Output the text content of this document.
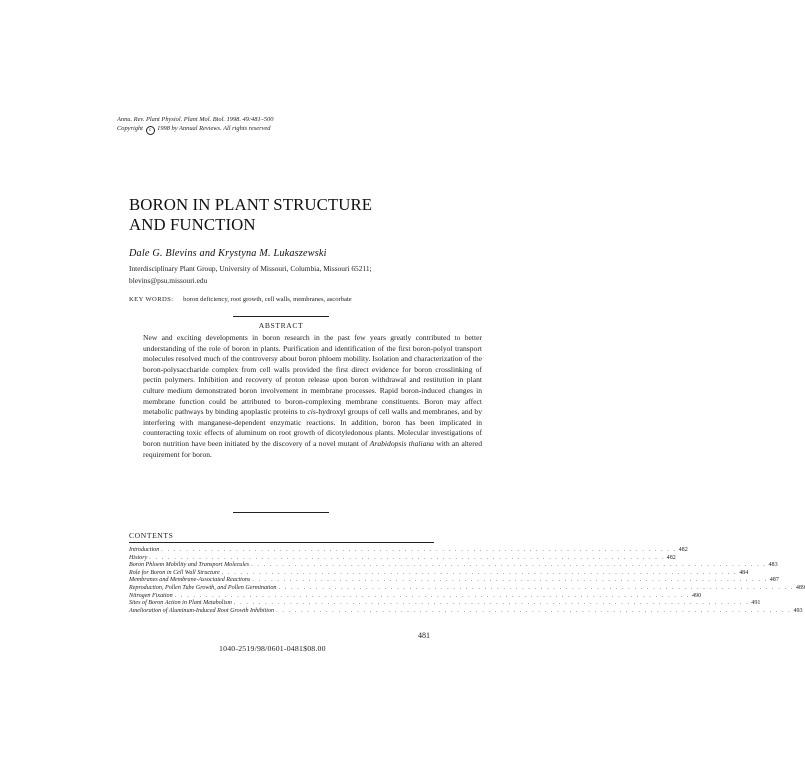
Annu. Rev. Plant Physiol. Plant Mol. Biol. 1998. 49:481–500
Copyright c 1998 by Annual Reviews. All rights reserved
BORON IN PLANT STRUCTURE
AND FUNCTION
Dale G. Blevins and Krystyna M. Lukaszewski
Interdisciplinary Plant Group, University of Missouri, Columbia, Missouri 65211;
blevins@psu.missouri.edu
KEY WORDS: boron deficiency, root growth, cell walls, membranes, ascorbate
ABSTRACT
New and exciting developments in boron research in the past few years greatly contributed to better understanding of the role of boron in plants. Purification and identification of the first boron-polyol transport molecules resolved much of the controversy about boron phloem mobility. Isolation and characterization of the boron-polysaccharide complex from cell walls provided the first direct evidence for boron crosslinking of pectin polymers. Inhibition and recovery of proton release upon boron withdrawal and restitution in plant culture medium demonstrated boron involvement in membrane processes. Rapid boron-induced changes in membrane function could be attributed to boron-complexing membrane constituents. Boron may affect metabolic pathways by binding apoplastic proteins to cis-hydroxyl groups of cell walls and membranes, and by interfering with manganese-dependent enzymatic reactions. In addition, boron has been implicated in counteracting toxic effects of aluminum on root growth of dicotyledonous plants. Molecular investigations of boron nutrition have been initiated by the discovery of a novel mutant of Arabidopsis thaliana with an altered requirement for boron.
CONTENTS
Introduction . . . . . . . . . . . . . . . . . . . . . . . . . . . . . . . . . . . . . . . . . . . . . . . . . . . . . . . . . . . . . . . . . . . . . . . . . . . . . . . . . . . 482
History . . . . . . . . . . . . . . . . . . . . . . . . . . . . . . . . . . . . . . . . . . . . . . . . . . . . . . . . . . . . . . . . . . . . . . . . . . . . . . . . . . . 482
Boron Phloem Mobility and Transport Molecules . . . . . . . . . . . . . . . . . . . . . . . . . . . . . . . . . . . . . . . . . . . . . . . . . . . . . . . . . . . . . . . . . . . . . . . . . . . . . . . . . . . 483
Role for Boron in Cell Wall Structure . . . . . . . . . . . . . . . . . . . . . . . . . . . . . . . . . . . . . . . . . . . . . . . . . . . . . . . . . . . . . . . . . . . . . . . . . . . . . . . . . . . 484
Membranes and Membrane-Associated Reactions . . . . . . . . . . . . . . . . . . . . . . . . . . . . . . . . . . . . . . . . . . . . . . . . . . . . . . . . . . . . . . . . . . . . . . . . . . . . . . . . . . . 487
Reproduction, Pollen Tube Growth, and Pollen Germination . . . . . . . . . . . . . . . . . . . . . . . . . . . . . . . . . . . . . . . . . . . . . . . . . . . . . . . . . . . . . . . . . . . . . . . . . . . . . . . . . . . 489
Nitrogen Fixation . . . . . . . . . . . . . . . . . . . . . . . . . . . . . . . . . . . . . . . . . . . . . . . . . . . . . . . . . . . . . . . . . . . . . . . . . . . . . . . . . . . 490
Sites of Boron Action in Plant Metabolism . . . . . . . . . . . . . . . . . . . . . . . . . . . . . . . . . . . . . . . . . . . . . . . . . . . . . . . . . . . . . . . . . . . . . . . . . . . . . . . . . . . 491
Amelioration of Aluminum-Induced Root Growth Inhibition . . . . . . . . . . . . . . . . . . . . . . . . . . . . . . . . . . . . . . . . . . . . . . . . . . . . . . . . . . . . . . . . . . . . . . . . . . . . . . . . . . . 493
481
1040-2519/98/0601-0481$08.00
